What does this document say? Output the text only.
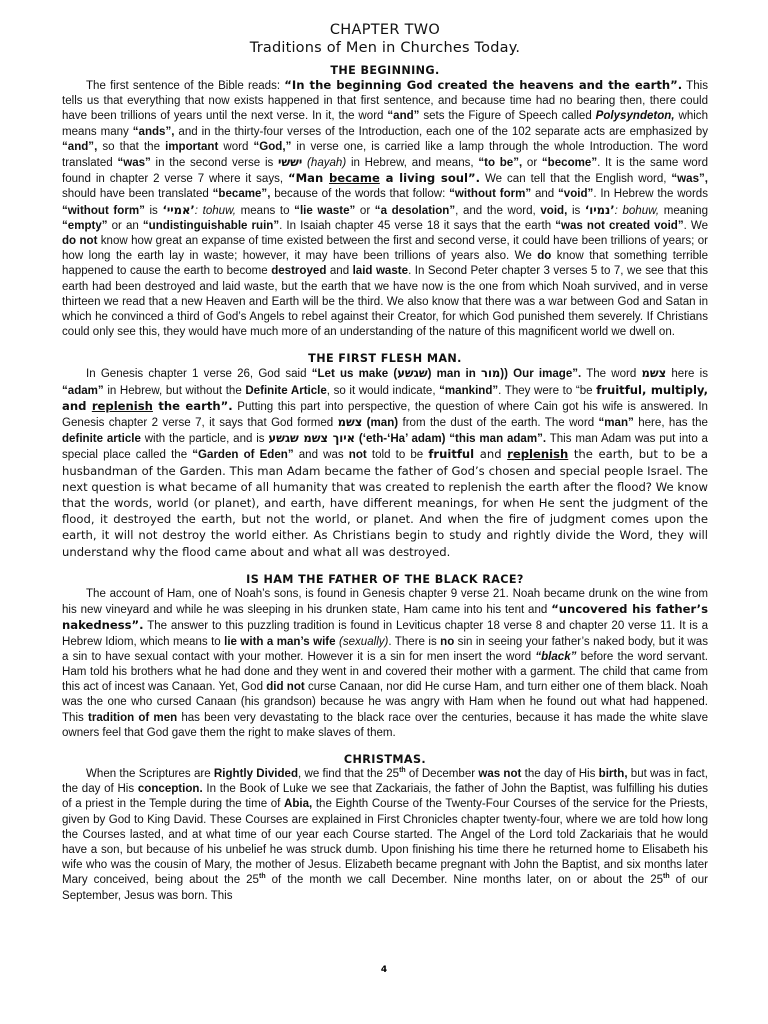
CHAPTER TWO
Traditions of Men in Churches Today.
THE BEGINNING.

The first sentence of the Bible reads: “In the beginning God created the heavens and the earth”. This tells us that everything that now exists happened in that first sentence, and because time had no bearing then, there could have been trillions of years until the next verse. In it, the word “and” sets the Figure of Speech called Polysyndeton, which means many “ands”, and in the thirty-four verses of the Introduction, each one of the 102 separate acts are emphasized by “and”, so that the important word “God,” in verse one, is carried like a lamp through the whole Introduction. The word translated “was” in the second verse is יששי (hayah) in Hebrew, and means, “to be”, or “become”. It is the same word found in chapter 2 verse 7 where it says, “Man became a living soul”. We can tell that the English word, “was”, should have been translated “became”, because of the words that follow: “without form” and “void”. In Hebrew the words “without form” is ‘אמיי’: tohuw, means to “lie waste” or “a desolation”, and the word, void, is ‘נמיו’: bohuw, meaning “empty” or an “undistinguishable ruin”. In Isaiah chapter 45 verse 18 it says that the earth “was not created void”. We do not know how great an expanse of time existed between the first and second verse, it could have been trillions of years; or how long the earth lay in waste; however, it may have been trillions of years also. We do know that something terrible happened to cause the earth to become destroyed and laid waste. In Second Peter chapter 3 verses 5 to 7, we see that this earth had been destroyed and laid waste, but the earth that we have now is the one from which Noah survived, and in verse thirteen we read that a new Heaven and Earth will be the third. We also know that there was a war between God and Satan in which he convinced a third of God’s Angels to rebel against their Creator, for which God punished them severely. If Christians could only see this, they would have much more of an understanding of the nature of this magnificent world we dwell on.

THE FIRST FLESH MAN.

In Genesis chapter 1 verse 26, God said “Let us make (שגשע) man in מור)) Our image”. The word צשמ here is “adam” in Hebrew, but without the Definite Article, so it would indicate, “mankind”. They were to “be fruitful, multiply, and replenish the earth”. Putting this part into perspective, the question of where Cain got his wife is answered. In Genesis chapter 2 verse 7, it says that God formed צשמ (man) from the dust of the earth. The word “man” here, has the definite article with the particle, and is איוך צשמ שגשע (‘eth-‘Ha’ adam) “this man adam”. This man Adam was put into a special place called the “Garden of Eden” and was not told to be fruitful and replenish the earth, but to be a husbandman of the Garden. This man Adam became the father of God’s chosen and special people Israel. The next question is what became of all humanity that was created to replenish the earth after the flood? We know that the words, world (or planet), and earth, have different meanings, for when He sent the judgment of the flood, it destroyed the earth, but not the world, or planet. And when the fire of judgment comes upon the earth, it will not destroy the world either. As Christians begin to study and rightly divide the Word, they will understand why the flood came about and what all was destroyed.

IS HAM THE FATHER OF THE BLACK RACE?

The account of Ham, one of Noah’s sons, is found in Genesis chapter 9 verse 21. Noah became drunk on the wine from his new vineyard and while he was sleeping in his drunken state, Ham came into his tent and “uncovered his father’s nakedness”. The answer to this puzzling tradition is found in Leviticus chapter 18 verse 8 and chapter 20 verse 11. It is a Hebrew Idiom, which means to lie with a man’s wife (sexually). There is no sin in seeing your father’s naked body, but it was a sin to have sexual contact with your mother. However it is a sin for men insert the word “black” before the word servant. Ham told his brothers what he had done and they went in and covered their mother with a garment. The child that came from this act of incest was Canaan. Yet, God did not curse Canaan, nor did He curse Ham, and turn either one of them black. Noah was the one who cursed Canaan (his grandson) because he was angry with Ham when he found out what had happened. This tradition of men has been very devastating to the black race over the centuries, because it has made the white slave owners feel that God gave them the right to make slaves of them.

CHRISTMAS.

When the Scriptures are Rightly Divided, we find that the 25th of December was not the day of His birth, but was in fact, the day of His conception. In the Book of Luke we see that Zackariais, the father of John the Baptist, was fulfilling his duties of a priest in the Temple during the time of Abia, the Eighth Course of the Twenty-Four Courses of the service for the Priests, given by God to King David. These Courses are explained in First Chronicles chapter twenty-four, where we are told how long the Courses lasted, and at what time of our year each Course started. The Angel of the Lord told Zackariais that he would have a son, but because of his unbelief he was struck dumb. Upon finishing his time there he returned home to Elisabeth his wife who was the cousin of Mary, the mother of Jesus. Elizabeth became pregnant with John the Baptist, and six months later Mary conceived, being about the 25th of the month we call December. Nine months later, on or about the 25th of our September, Jesus was born. This

4
